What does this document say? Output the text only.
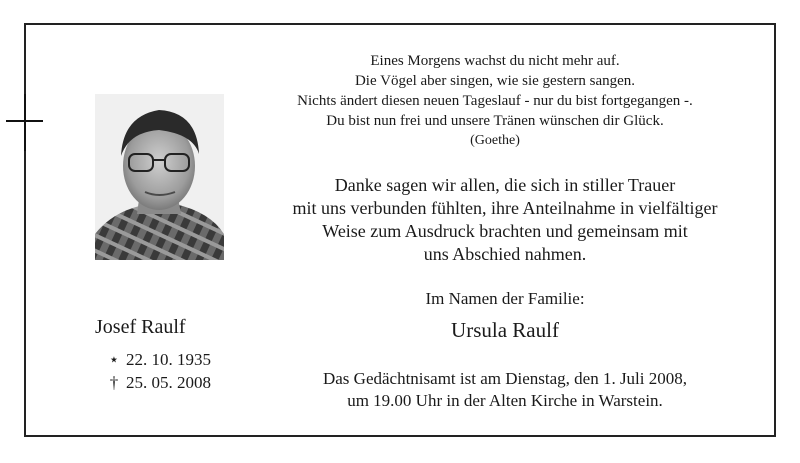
Josef Raulf
⋆ 22. 10. 1935
† 25. 05. 2008
Eines Morgens wachst du nicht mehr auf.
Die Vögel aber singen, wie sie gestern sangen.
Nichts ändert diesen neuen Tageslauf - nur du bist fortgegangen -.
Du bist nun frei und unsere Tränen wünschen dir Glück.
(Goethe)
Danke sagen wir allen, die sich in stiller Trauer
mit uns verbunden fühlten, ihre Anteilnahme in vielfältiger
Weise zum Ausdruck brachten und gemeinsam mit
uns Abschied nahmen.
Im Namen der Familie:
Ursula Raulf
Das Gedächtnisamt ist am Dienstag, den 1. Juli 2008,
um 19.00 Uhr in der Alten Kirche in Warstein.
